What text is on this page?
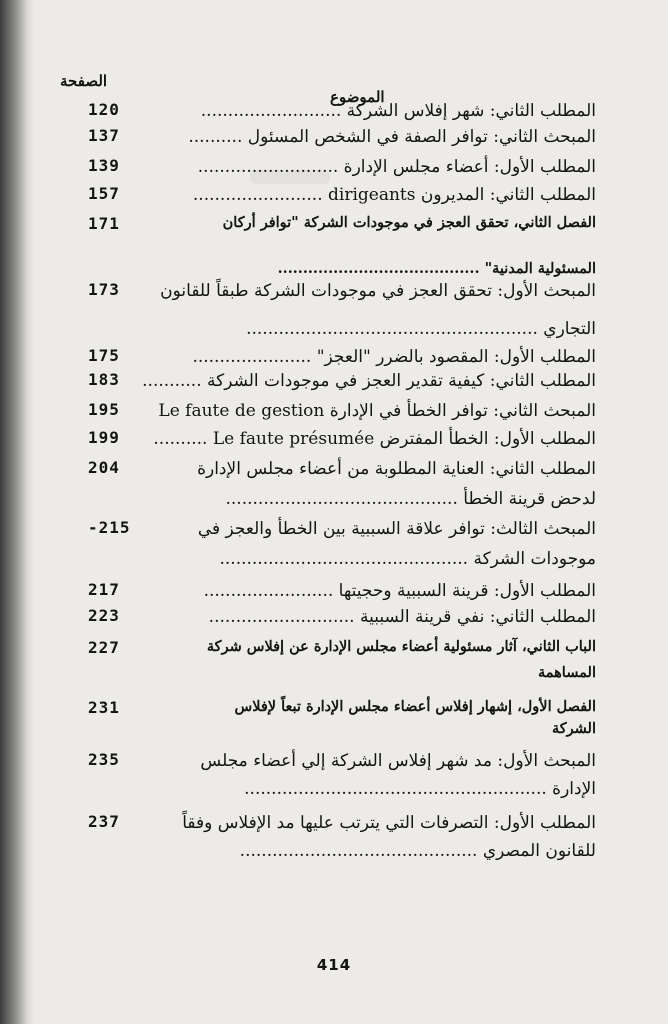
الصفحة
الموضوع
المطلب الثاني: شهر إفلاس الشركة ..........................
120
المبحث الثاني: توافر الصفة في الشخص المسئول ..........
137
المطلب الأول: أعضاء مجلس الإدارة ..........................
139
المطلب الثاني: المديرون dirigeants ........................
157
الفصل الثاني، تحقق العجز في موجودات الشركة "توافر أركان
171
المسئولية المدنية" ........................................
المبحث الأول: تحقق العجز في موجودات الشركة طبقاً للقانون
173
التجاري ......................................................
المطلب الأول: المقصود بالضرر "العجز" ......................
175
المطلب الثاني: كيفية تقدير العجز في موجودات الشركة ...........
183
المبحث الثاني: توافر الخطأ في الإدارة Le faute de gestion
195
المطلب الأول: الخطأ المفترض Le faute présumée ..........
199
المطلب الثاني: العناية المطلوبة من أعضاء مجلس الإدارة
204
لدحض قرينة الخطأ ...........................................
المبحث الثالث: توافر علاقة السببية بين الخطأ والعجز في
-215
موجودات الشركة ..............................................
المطلب الأول: قرينة السببية وحجيتها ........................
217
المطلب الثاني: نفي قرينة السببية ...........................
223
الباب الثاني، آثار مسئولية أعضاء مجلس الإدارة عن إفلاس شركة
227
المساهمة
الفصل الأول، إشهار إفلاس أعضاء مجلس الإدارة تبعاً لإفلاس
231
الشركة
المبحث الأول: مد شهر إفلاس الشركة إلي أعضاء مجلس
235
الإدارة ........................................................
المطلب الأول: التصرفات التي يترتب عليها مد الإفلاس وفقاً
237
للقانون المصري ............................................
414
